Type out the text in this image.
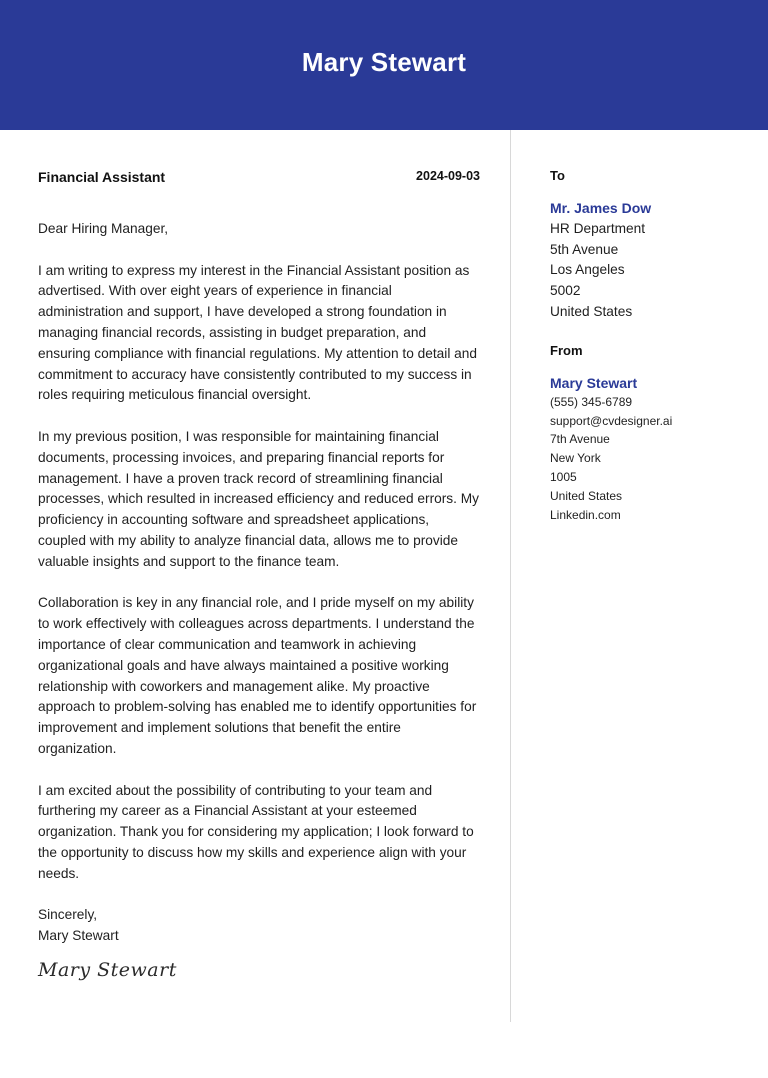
Mary Stewart
Financial Assistant	2024-09-03
Dear Hiring Manager,
I am writing to express my interest in the Financial Assistant position as advertised. With over eight years of experience in financial administration and support, I have developed a strong foundation in managing financial records, assisting in budget preparation, and ensuring compliance with financial regulations. My attention to detail and commitment to accuracy have consistently contributed to my success in roles requiring meticulous financial oversight.
In my previous position, I was responsible for maintaining financial documents, processing invoices, and preparing financial reports for management. I have a proven track record of streamlining financial processes, which resulted in increased efficiency and reduced errors. My proficiency in accounting software and spreadsheet applications, coupled with my ability to analyze financial data, allows me to provide valuable insights and support to the finance team.
Collaboration is key in any financial role, and I pride myself on my ability to work effectively with colleagues across departments. I understand the importance of clear communication and teamwork in achieving organizational goals and have always maintained a positive working relationship with coworkers and management alike. My proactive approach to problem-solving has enabled me to identify opportunities for improvement and implement solutions that benefit the entire organization.
I am excited about the possibility of contributing to your team and furthering my career as a Financial Assistant at your esteemed organization. Thank you for considering my application; I look forward to the opportunity to discuss how my skills and experience align with your needs.
Sincerely,
Mary Stewart
Mary Stewart
To
Mr. James Dow
HR Department
5th Avenue
Los Angeles
5002
United States
From
Mary Stewart
(555) 345-6789
support@cvdesigner.ai
7th Avenue
New York
1005
United States
Linkedin.com
